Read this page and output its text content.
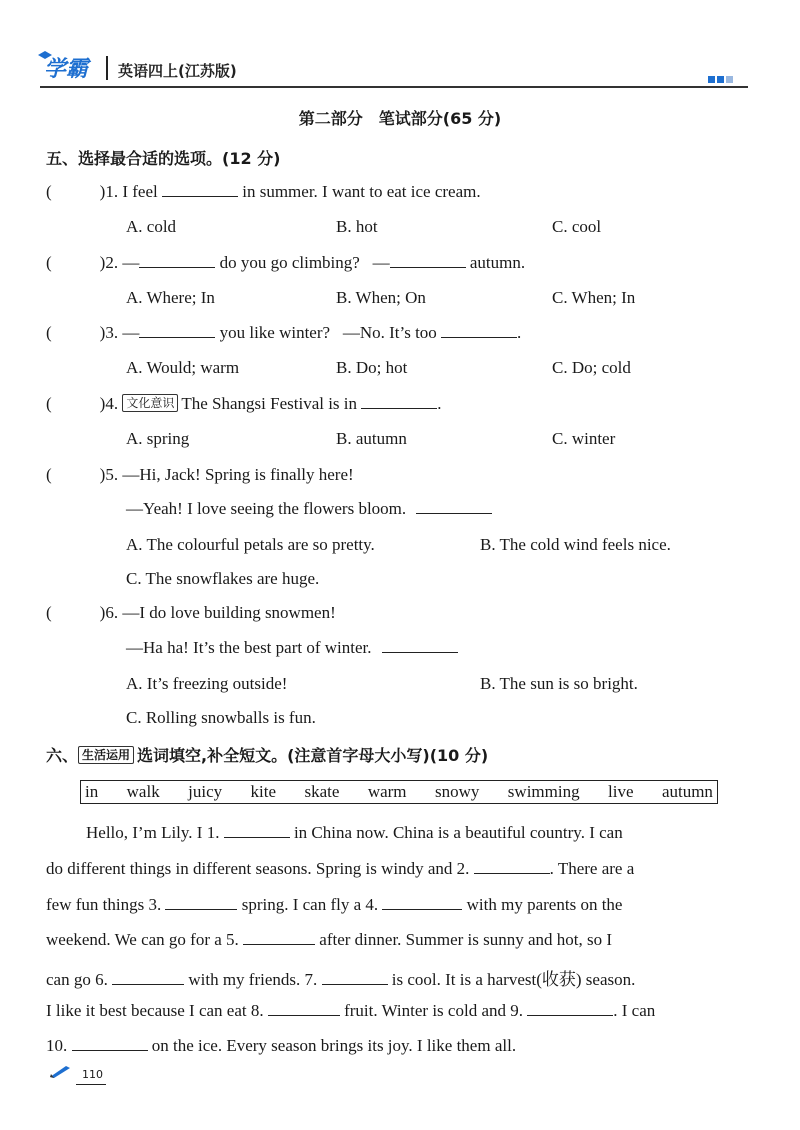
学霸 英语四上(江苏版)
第二部分　笔试部分(65 分)
五、选择最合适的选项。(12 分)
(	)1. I feel	in summer. I want to eat ice cream.
A. cold	B. hot	C. cool
(	)2. —	do you go climbing? —	autumn.
A. Where; In	B. When; On	C. When; In
(	)3. —	you like winter? —No. It’s too	.
A. Would; warm	B. Do; hot	C. Do; cold
(	)4. 文化意识 The Shangsi Festival is in	.
A. spring	B. autumn	C. winter
(	)5. —Hi, Jack! Spring is finally here!
—Yeah! I love seeing the flowers bloom.
A. The colourful petals are so pretty.	B. The cold wind feels nice.
C. The snowflakes are huge.
(	)6. —I do love building snowmen!
—Ha ha! It’s the best part of winter.
A. It’s freezing outside!	B. The sun is so bright.
C. Rolling snowballs is fun.
六、 生活运用 选词填空,补全短文。(注意首字母大小写)(10 分)
in walk juicy kite skate warm snowy swimming live autumn
Hello, I’m Lily. I 1.	in China now. China is a beautiful country. I can
do different things in different seasons. Spring is windy and 2.	. There are a
few fun things 3.	spring. I can fly a 4.	with my parents on the
weekend. We can go for a 5.	after dinner. Summer is sunny and hot, so I
can go 6.	with my friends. 7.	is cool. It is a harvest(收获) season.
I like it best because I can eat 8.	fruit. Winter is cold and 9.	. I can
10.	on the ice. Every season brings its joy. I like them all.
110
